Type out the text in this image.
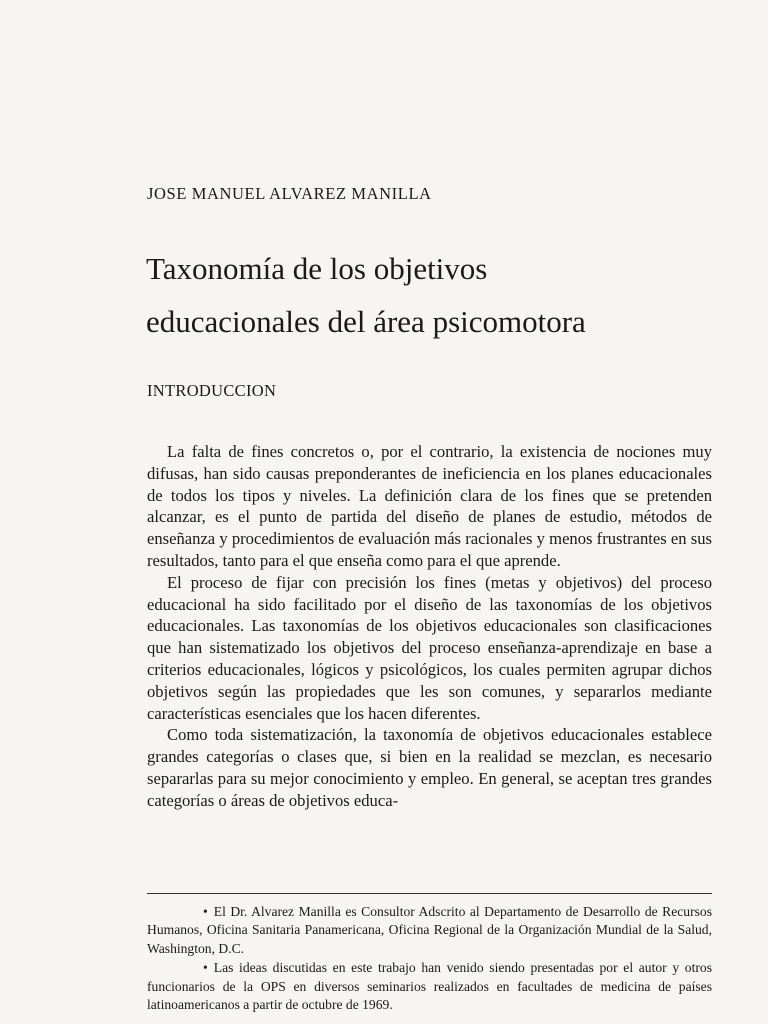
JOSE MANUEL ALVAREZ MANILLA
Taxonomía de los objetivos
educacionales del área psicomotora
INTRODUCCION

La falta de fines concretos o, por el contrario, la existencia de nociones muy difusas, han sido causas preponderantes de ineficiencia en los planes educacionales de todos los tipos y niveles. La definición clara de los fines que se pretenden alcanzar, es el punto de partida del diseño de planes de estudio, métodos de enseñanza y procedimientos de evaluación más racionales y menos frustrantes en sus resultados, tanto para el que enseña como para el que aprende.

El proceso de fijar con precisión los fines (metas y objetivos) del proceso educacional ha sido facilitado por el diseño de las taxonomías de los objetivos educacionales. Las taxonomías de los objetivos educacionales son clasificaciones que han sistematizado los objetivos del proceso enseñanza-aprendizaje en base a criterios educacionales, lógicos y psicológicos, los cuales permiten agrupar dichos objetivos según las propiedades que les son comunes, y separarlos mediante características esenciales que los hacen diferentes.

Como toda sistematización, la taxonomía de objetivos educacionales establece grandes categorías o clases que, si bien en la realidad se mezclan, es necesario separarlas para su mejor conocimiento y empleo. En general, se aceptan tres grandes categorías o áreas de objetivos educa-

• El Dr. Alvarez Manilla es Consultor Adscrito al Departamento de Desarrollo de Recursos Humanos, Oficina Sanitaria Panamericana, Oficina Regional de la Organización Mundial de la Salud, Washington, D.C.

• Las ideas discutidas en este trabajo han venido siendo presentadas por el autor y otros funcionarios de la OPS en diversos seminarios realizados en facultades de medicina de países latinoamericanos a partir de octubre de 1969.
